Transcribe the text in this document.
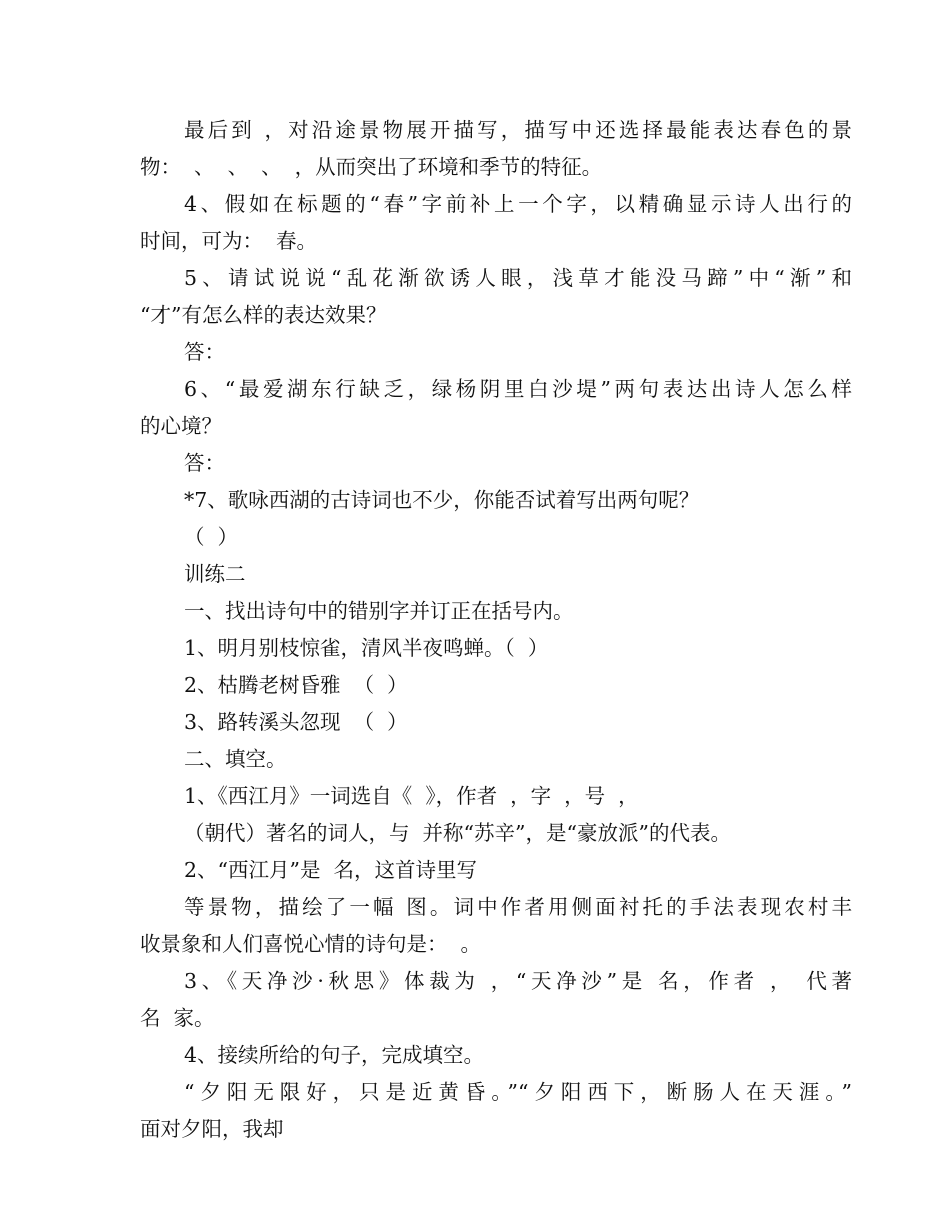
最后到 ，对沿途景物展开描写，描写中还选择最能表达春色的景

物：  、  、  、  ，从而突出了环境和季节的特征。

4、假如在标题的“春”字前补上一个字，以精确显示诗人出行的

时间，可为：  春。

5、请试说说“乱花渐欲诱人眼，浅草才能没马蹄”中“渐”和

“才”有怎么样的表达效果？

答：

6、“最爱湖东行缺乏，绿杨阴里白沙堤”两句表达出诗人怎么样

的心境？

答：

*7、歌咏西湖的古诗词也不少，你能否试着写出两句呢？

（  ）

训练二

一、找出诗句中的错别字并订正在括号内。

1、明月别枝惊雀，清风半夜鸣蝉。（  ）

2、枯腾老树昏雅  （  ）

3、路转溪头忽现  （  ）

二、填空。

1、《西江月》一词选自《  》，作者  ，字  ，号  ，

（朝代）著名的词人，与  并称“苏辛”，是“豪放派”的代表。

2、“西江月”是  名，这首诗里写

等景物，描绘了一幅 图。词中作者用侧面衬托的手法表现农村丰

收景象和人们喜悦心情的诗句是：  。

3、《天净沙·秋思》体裁为 ，“天净沙”是 名，作者 ， 代著

名  家。

4、接续所给的句子，完成填空。

“夕阳无限好，只是近黄昏。”“夕阳西下，断肠人在天涯。”

面对夕阳，我却
